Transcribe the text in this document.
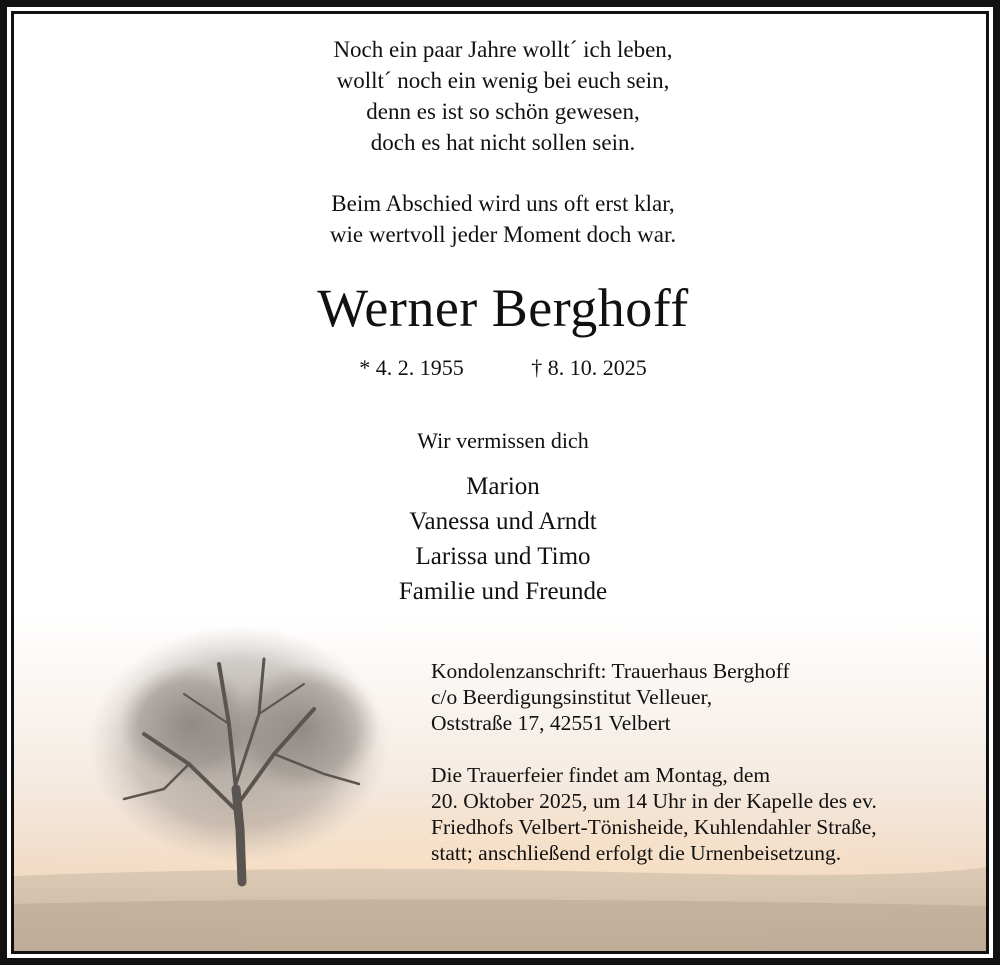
Noch ein paar Jahre wollt´ ich leben,
wollt´ noch ein wenig bei euch sein,
denn es ist so schön gewesen,
doch es hat nicht sollen sein.
Beim Abschied wird uns oft erst klar,
wie wertvoll jeder Moment doch war.
Werner Berghoff
* 4. 2. 1955	† 8. 10. 2025
Wir vermissen dich
Marion
Vanessa und Arndt
Larissa und Timo
Familie und Freunde
Kondolenzanschrift: Trauerhaus Berghoff
c/o Beerdigungsinstitut Velleuer,
Oststraße 17, 42551 Velbert
Die Trauerfeier findet am Montag, dem
20. Oktober 2025, um 14 Uhr in der Kapelle des ev.
Friedhofs Velbert-Tönisheide, Kuhlendahler Straße,
statt; anschließend erfolgt die Urnenbeisetzung.
